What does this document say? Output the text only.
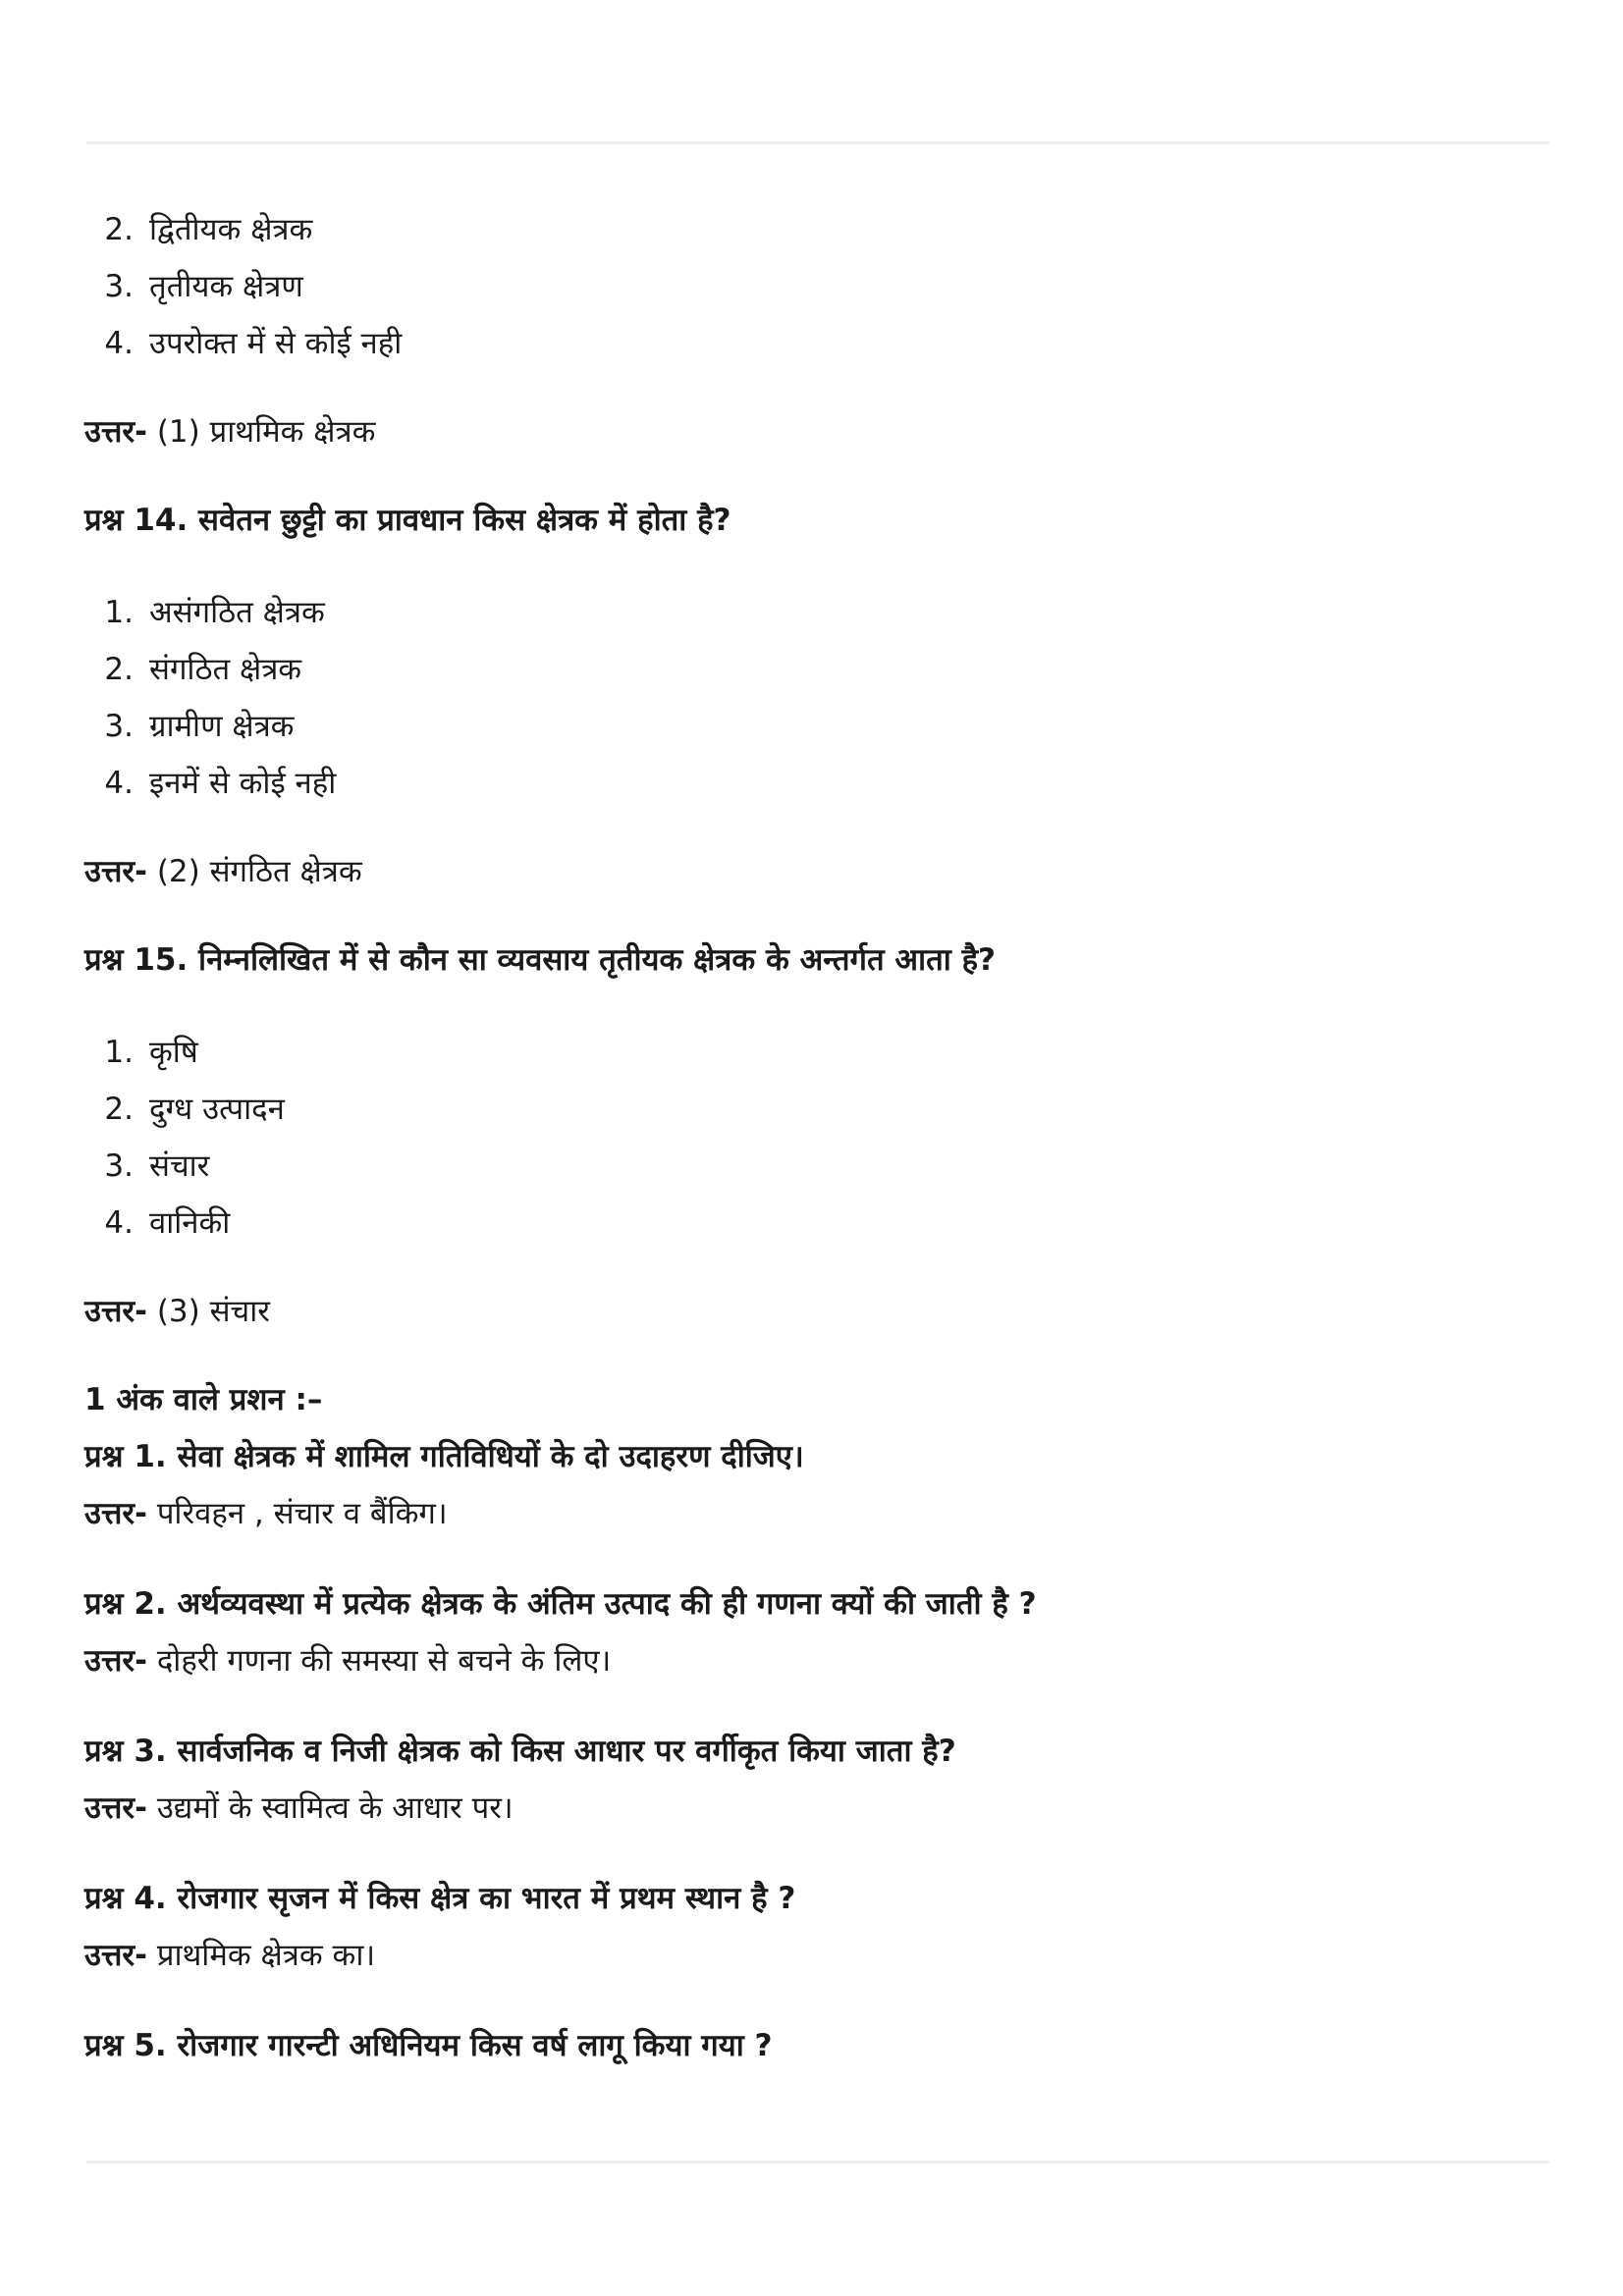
2. द्वितीयक क्षेत्रक
3. तृतीयक क्षेत्रण
4. उपरोक्त में से कोई नही

उत्तर- (1) प्राथमिक क्षेत्रक

प्रश्न 14. सवेतन छुट्टी का प्रावधान किस क्षेत्रक में होता है?

1. असंगठित क्षेत्रक
2. संगठित क्षेत्रक
3. ग्रामीण क्षेत्रक
4. इनमें से कोई नही

उत्तर- (2) संगठित क्षेत्रक

प्रश्न 15. निम्नलिखित में से कौन सा व्यवसाय तृतीयक क्षेत्रक के अन्तर्गत आता है?

1. कृषि
2. दुग्ध उत्पादन
3. संचार
4. वानिकी

उत्तर- (3) संचार

1 अंक वाले प्रशन :–

प्रश्न 1. सेवा क्षेत्रक में शामिल गतिविधियों के दो उदाहरण दीजिए।

उत्तर- परिवहन , संचार व बैंकिग।

प्रश्न 2. अर्थव्यवस्था में प्रत्येक क्षेत्रक के अंतिम उत्पाद की ही गणना क्यों की जाती है ?

उत्तर- दोहरी गणना की समस्या से बचने के लिए।

प्रश्न 3. सार्वजनिक व निजी क्षेत्रक को किस आधार पर वर्गीकृत किया जाता है?

उत्तर- उद्यमों के स्वामित्व के आधार पर।

प्रश्न 4. रोजगार सृजन में किस क्षेत्र का भारत में प्रथम स्थान है ?

उत्तर- प्राथमिक क्षेत्रक का।

प्रश्न 5. रोजगार गारन्टी अधिनियम किस वर्ष लागू किया गया ?
